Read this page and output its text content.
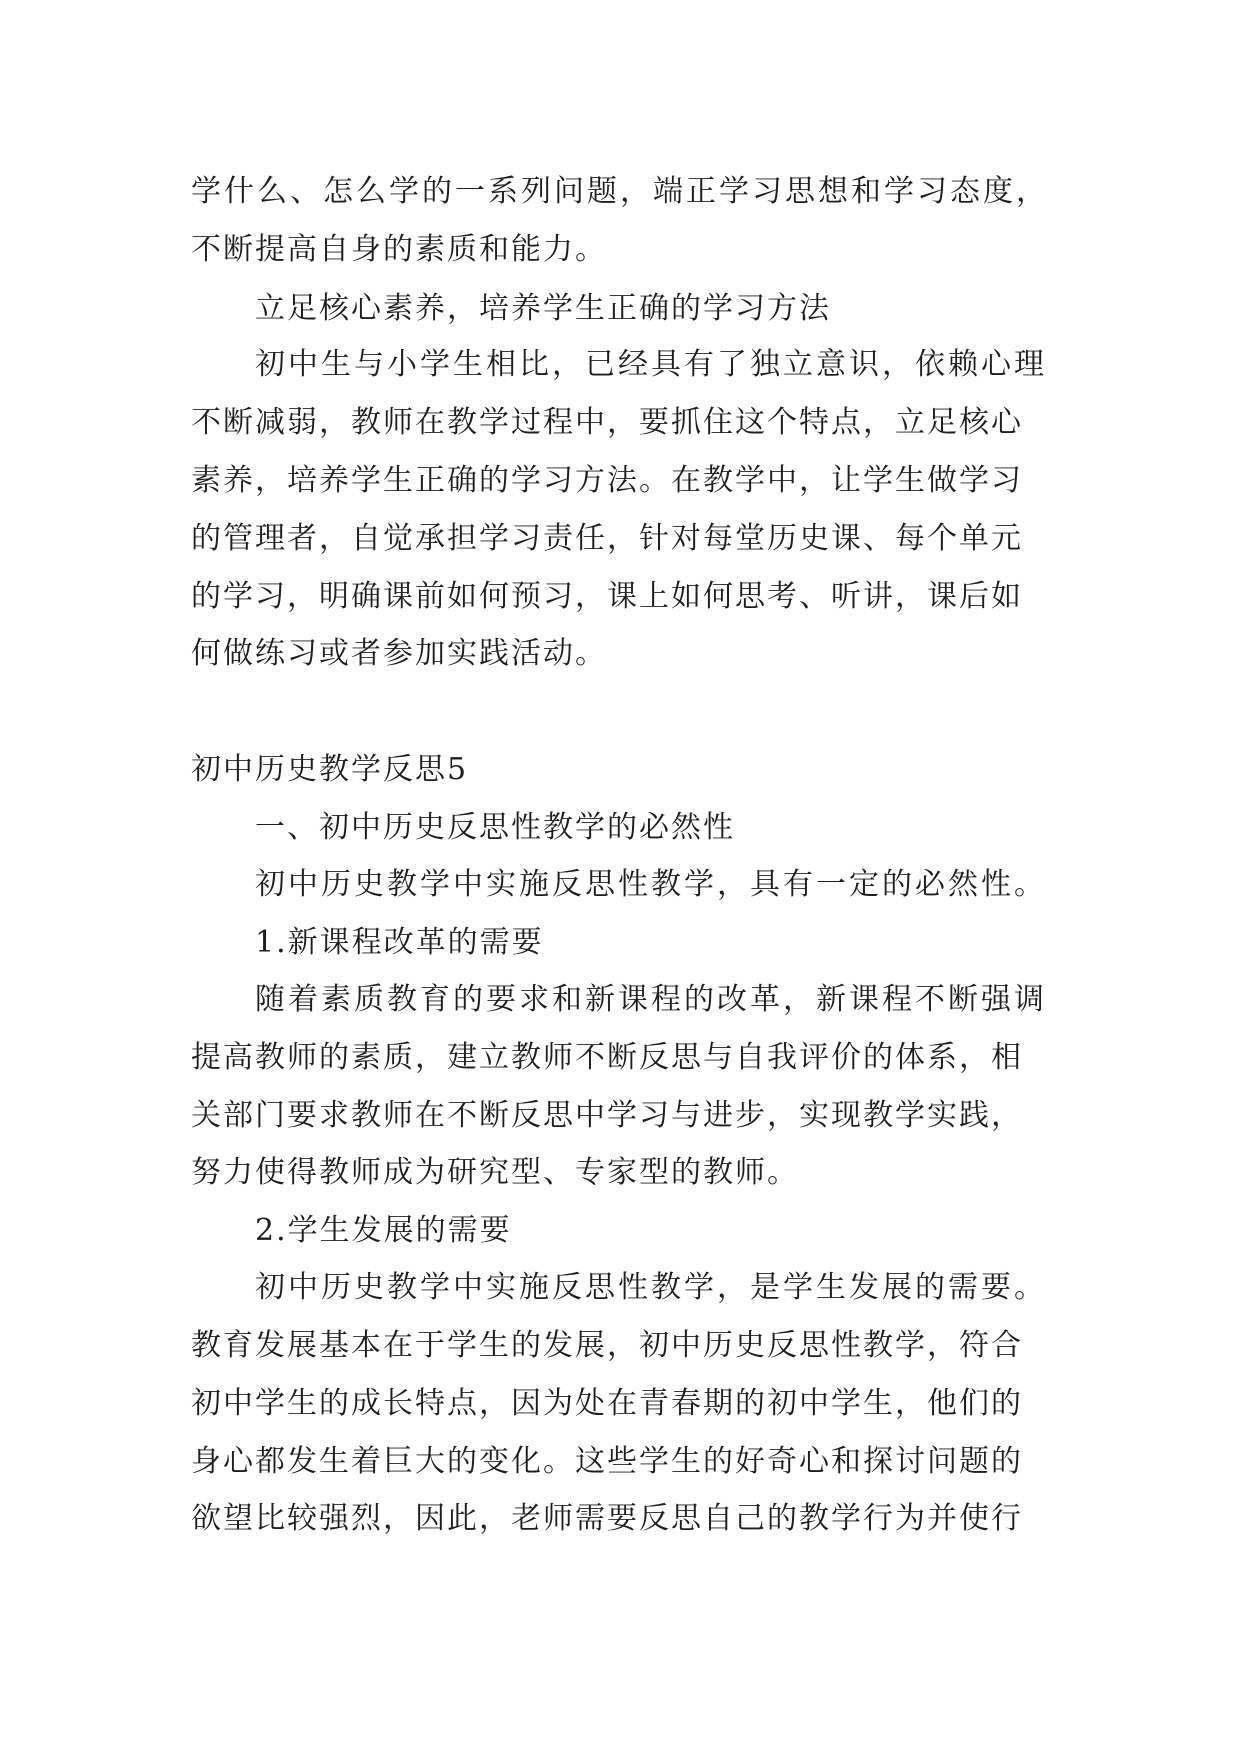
学什么、怎么学的一系列问题，端正学习思想和学习态度，

不断提高自身的素质和能力。

立足核心素养，培养学生正确的学习方法

初中生与小学生相比，已经具有了独立意识，依赖心理

不断减弱，教师在教学过程中，要抓住这个特点，立足核心

素养，培养学生正确的学习方法。在教学中，让学生做学习

的管理者，自觉承担学习责任，针对每堂历史课、每个单元

的学习，明确课前如何预习，课上如何思考、听讲，课后如

何做练习或者参加实践活动。

初中历史教学反思5

一、初中历史反思性教学的必然性

初中历史教学中实施反思性教学，具有一定的必然性。

1.新课程改革的需要

随着素质教育的要求和新课程的改革，新课程不断强调

提高教师的素质，建立教师不断反思与自我评价的体系，相

关部门要求教师在不断反思中学习与进步，实现教学实践，

努力使得教师成为研究型、专家型的教师。

2.学生发展的需要

初中历史教学中实施反思性教学，是学生发展的需要。

教育发展基本在于学生的发展，初中历史反思性教学，符合

初中学生的成长特点，因为处在青春期的初中学生，他们的

身心都发生着巨大的变化。这些学生的好奇心和探讨问题的

欲望比较强烈，因此，老师需要反思自己的教学行为并使行
